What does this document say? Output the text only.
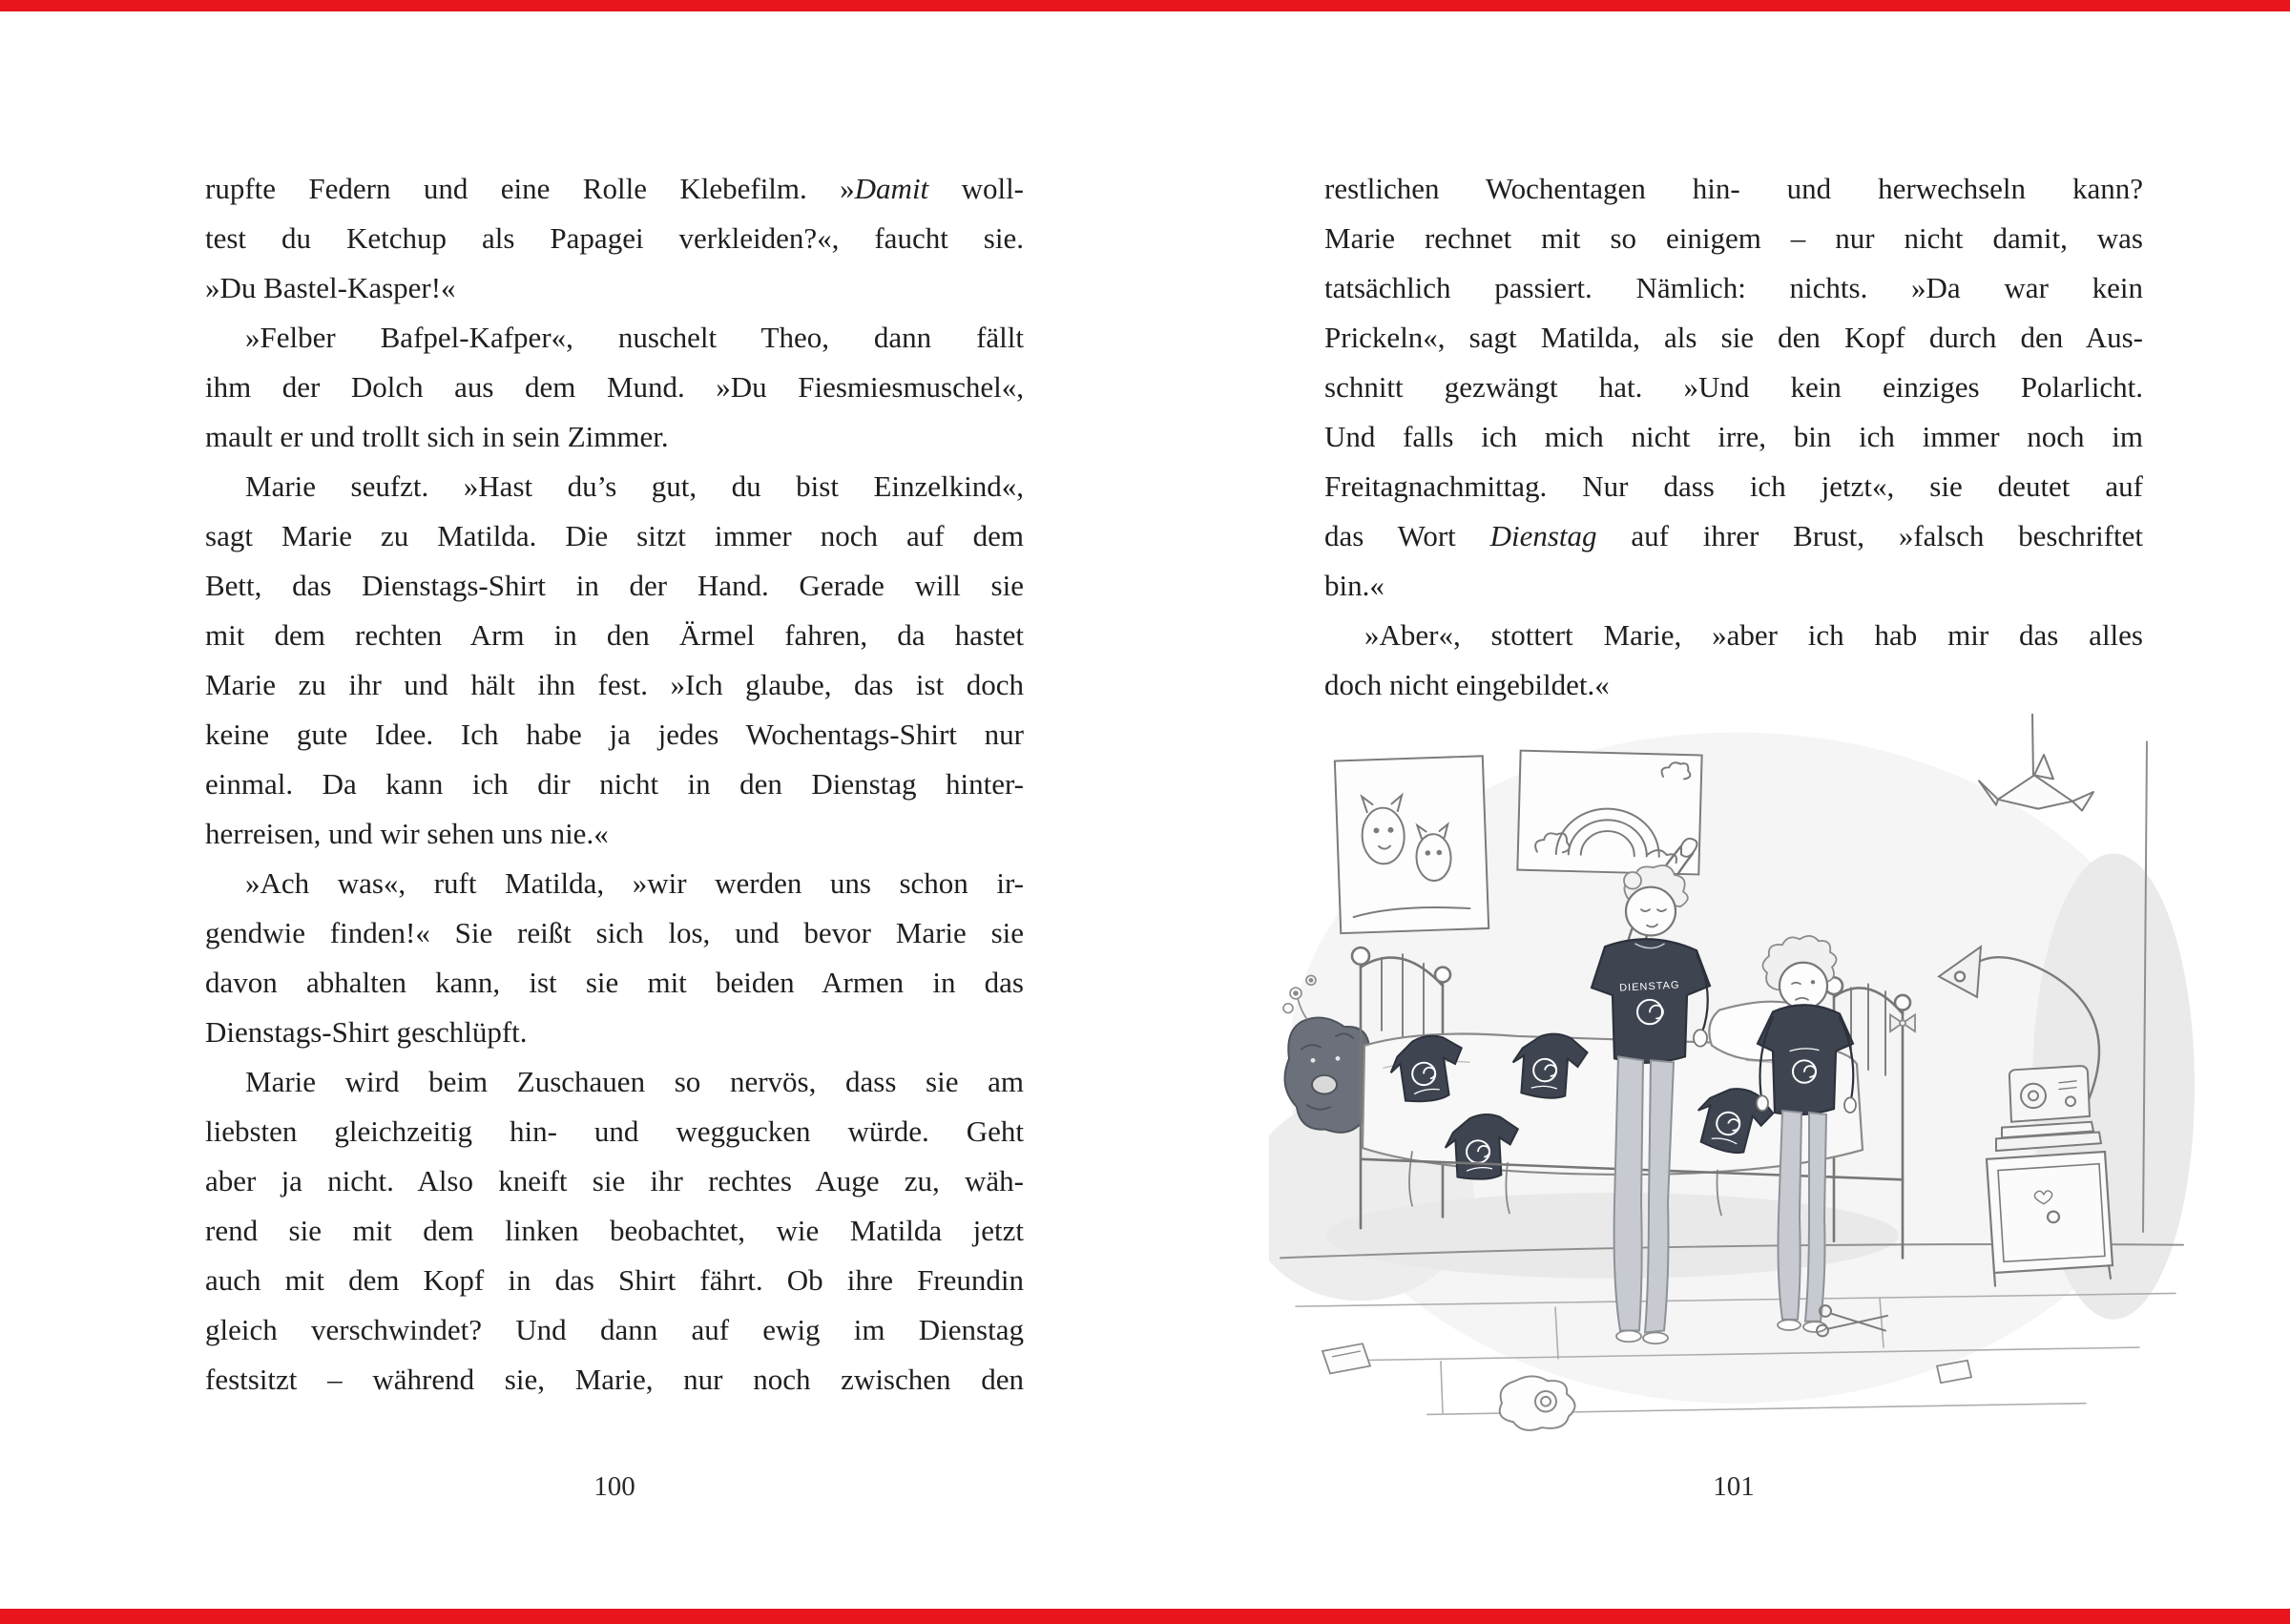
rupfte Federn und eine Rolle Klebefilm. »Damit woll-
test du Ketchup als Papagei verkleiden?«, faucht sie.
»Du Bastel-Kasper!«
»Felber Bafpel-Kafper«, nuschelt Theo, dann fällt
ihm der Dolch aus dem Mund. »Du Fiesmiesmuschel«,
mault er und trollt sich in sein Zimmer.
Marie seufzt. »Hast du’s gut, du bist Einzelkind«,
sagt Marie zu Matilda. Die sitzt immer noch auf dem
Bett, das Dienstags-Shirt in der Hand. Gerade will sie
mit dem rechten Arm in den Ärmel fahren, da hastet
Marie zu ihr und hält ihn fest. »Ich glaube, das ist doch
keine gute Idee. Ich habe ja jedes Wochentags-Shirt nur
einmal. Da kann ich dir nicht in den Dienstag hinter-
herreisen, und wir sehen uns nie.«
»Ach was«, ruft Matilda, »wir werden uns schon ir-
gendwie finden!« Sie reißt sich los, und bevor Marie sie
davon abhalten kann, ist sie mit beiden Armen in das
Dienstags-Shirt geschlüpft.
Marie wird beim Zuschauen so nervös, dass sie am
liebsten gleichzeitig hin- und weggucken würde. Geht
aber ja nicht. Also kneift sie ihr rechtes Auge zu, wäh-
rend sie mit dem linken beobachtet, wie Matilda jetzt
auch mit dem Kopf in das Shirt fährt. Ob ihre Freundin
gleich verschwindet? Und dann auf ewig im Dienstag
festsitzt – während sie, Marie, nur noch zwischen den
restlichen Wochentagen hin- und herwechseln kann?
Marie rechnet mit so einigem – nur nicht damit, was
tatsächlich passiert. Nämlich: nichts. »Da war kein
Prickeln«, sagt Matilda, als sie den Kopf durch den Aus-
schnitt gezwängt hat. »Und kein einziges Polarlicht.
Und falls ich mich nicht irre, bin ich immer noch im
Freitagnachmittag. Nur dass ich jetzt«, sie deutet auf
das Wort Dienstag auf ihrer Brust, »falsch beschriftet
bin.«
»Aber«, stottert Marie, »aber ich hab mir das alles
doch nicht eingebildet.«
100	101
DIENSTAG
